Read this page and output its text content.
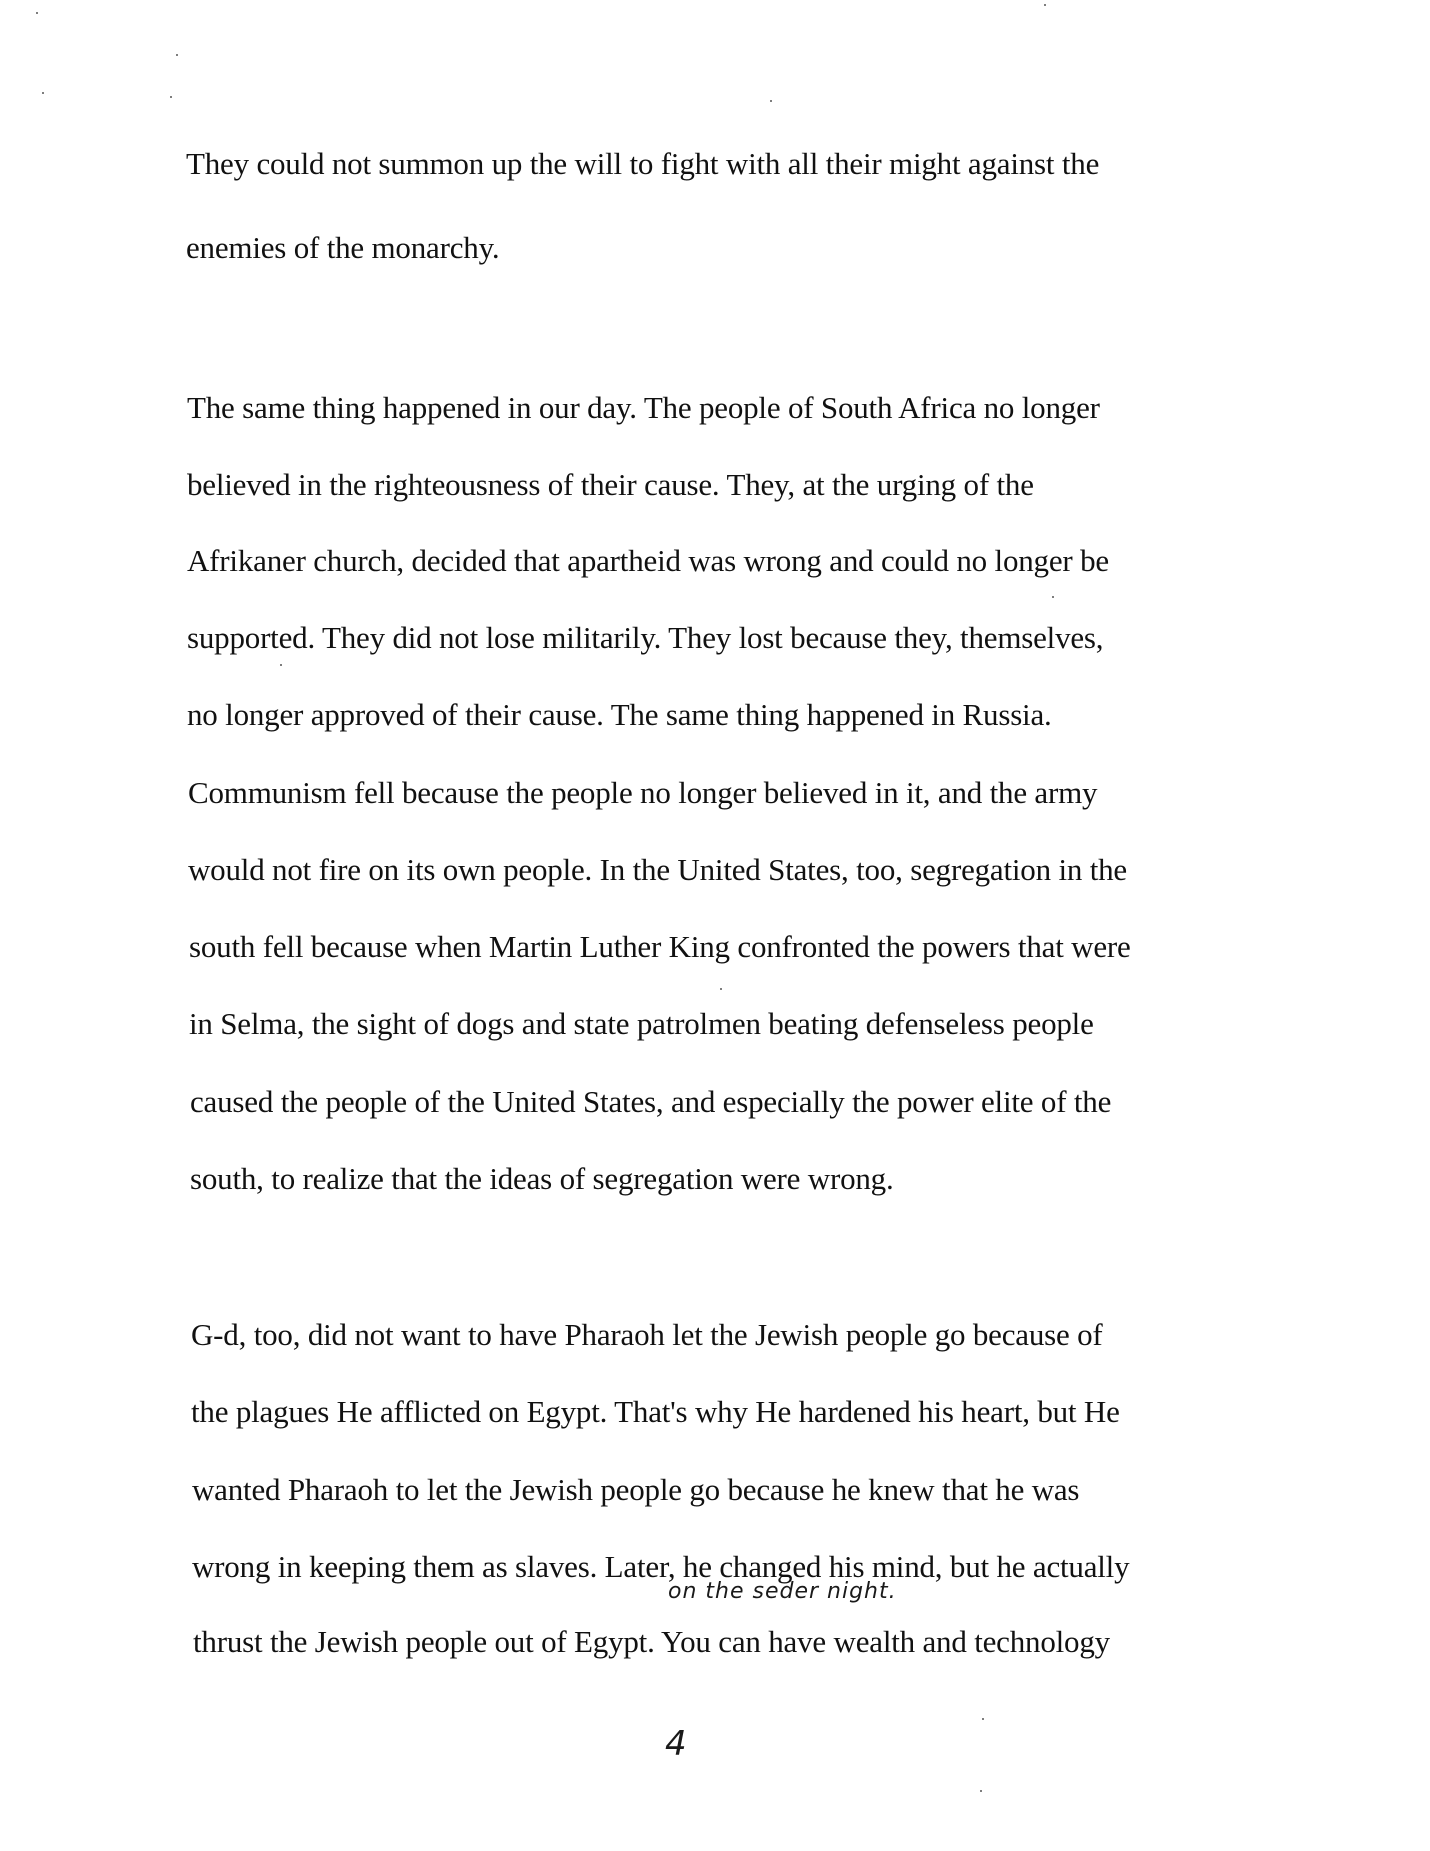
They could not summon up the will to fight with all their might against the
enemies of the monarchy.
The same thing happened in our day. The people of South Africa no longer
believed in the righteousness of their cause. They, at the urging of the
Afrikaner church, decided that apartheid was wrong and could no longer be
supported. They did not lose militarily. They lost because they, themselves,
no longer approved of their cause. The same thing happened in Russia.
Communism fell because the people no longer believed in it, and the army
would not fire on its own people. In the United States, too, segregation in the
south fell because when Martin Luther King confronted the powers that were
in Selma, the sight of dogs and state patrolmen beating defenseless people
caused the people of the United States, and especially the power elite of the
south, to realize that the ideas of segregation were wrong.
G-d, too, did not want to have Pharaoh let the Jewish people go because of
the plagues He afflicted on Egypt. That's why He hardened his heart, but He
wanted Pharaoh to let the Jewish people go because he knew that he was
wrong in keeping them as slaves. Later, he changed his mind, but he actually
on the seder night.
thrust the Jewish people out of Egypt. You can have wealth and technology
4
